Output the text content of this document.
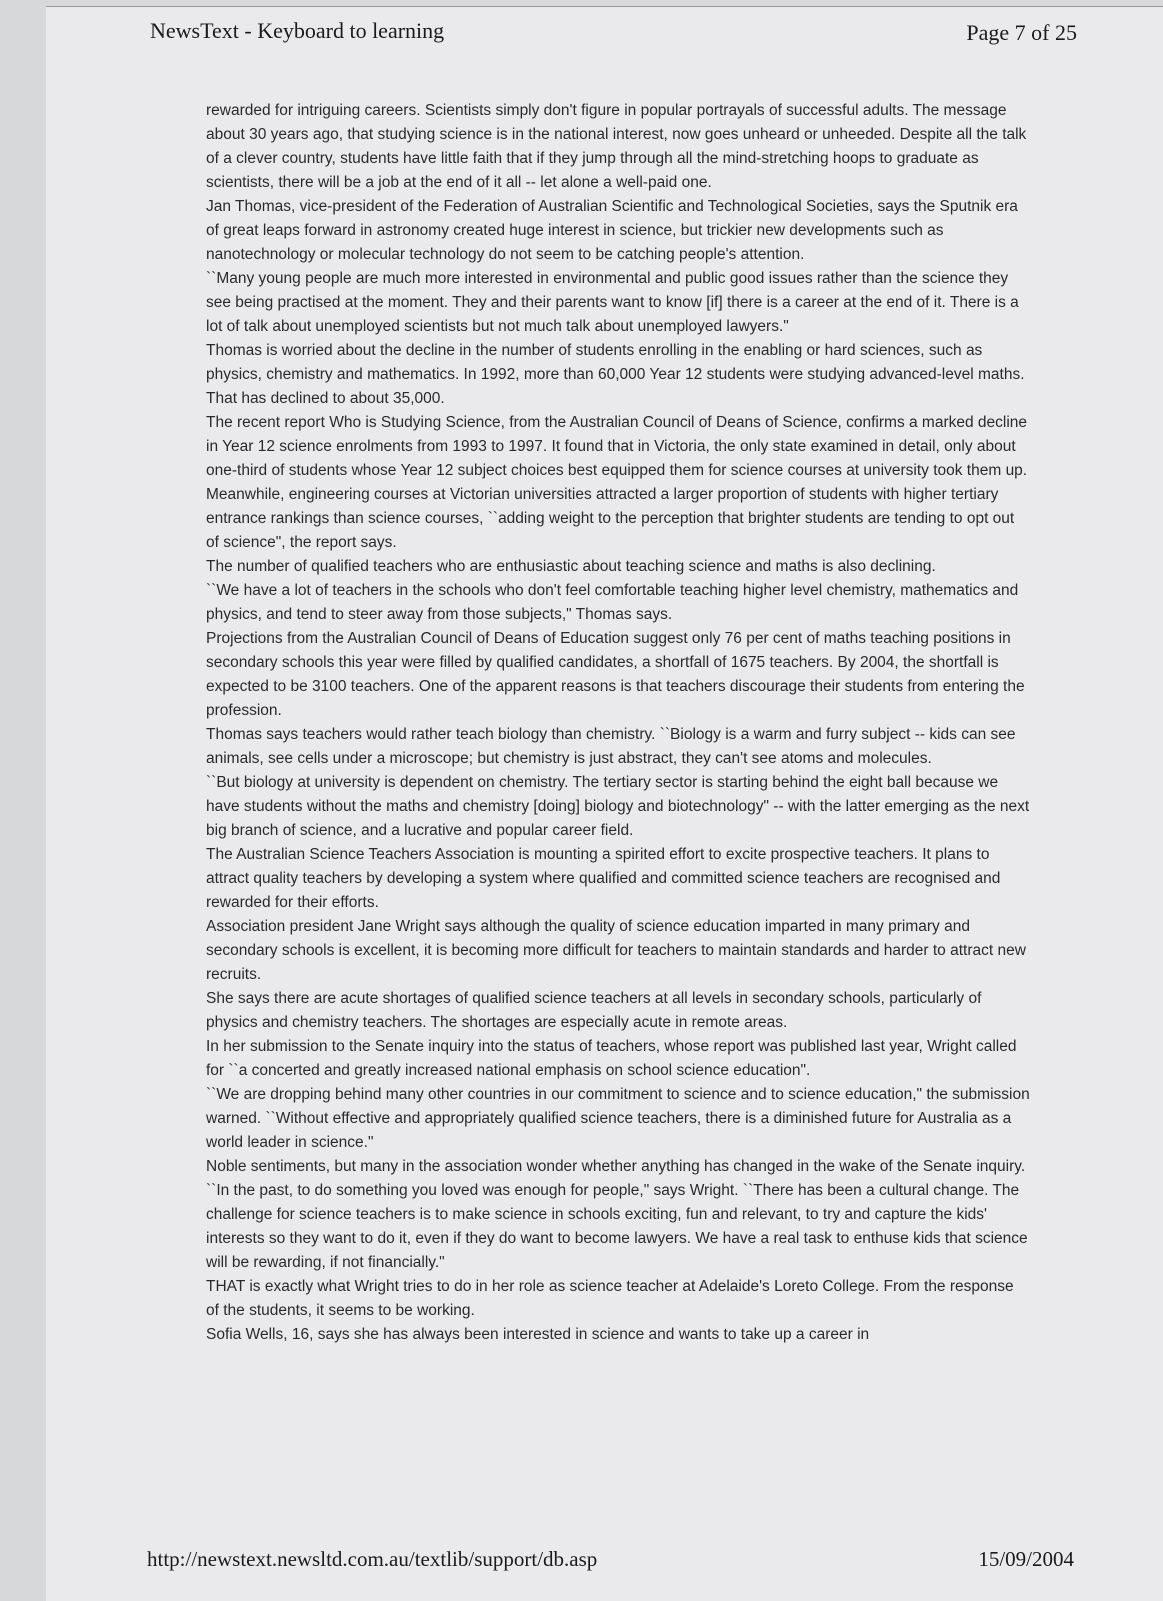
NewsText - Keyboard to learning	Page 7 of 25

rewarded for intriguing careers. Scientists simply don't figure in popular portrayals of successful adults. The message about 30 years ago, that studying science is in the national interest, now goes unheard or unheeded. Despite all the talk of a clever country, students have little faith that if they jump through all the mind-stretching hoops to graduate as scientists, there will be a job at the end of it all -- let alone a well-paid one.

Jan Thomas, vice-president of the Federation of Australian Scientific and Technological Societies, says the Sputnik era of great leaps forward in astronomy created huge interest in science, but trickier new developments such as nanotechnology or molecular technology do not seem to be catching people's attention.

``Many young people are much more interested in environmental and public good issues rather than the science they see being practised at the moment. They and their parents want to know [if] there is a career at the end of it. There is a lot of talk about unemployed scientists but not much talk about unemployed lawyers."

Thomas is worried about the decline in the number of students enrolling in the enabling or hard sciences, such as physics, chemistry and mathematics. In 1992, more than 60,000 Year 12 students were studying advanced-level maths. That has declined to about 35,000.

The recent report Who is Studying Science, from the Australian Council of Deans of Science, confirms a marked decline in Year 12 science enrolments from 1993 to 1997. It found that in Victoria, the only state examined in detail, only about one-third of students whose Year 12 subject choices best equipped them for science courses at university took them up. Meanwhile, engineering courses at Victorian universities attracted a larger proportion of students with higher tertiary entrance rankings than science courses, ``adding weight to the perception that brighter students are tending to opt out of science", the report says.

The number of qualified teachers who are enthusiastic about teaching science and maths is also declining.

``We have a lot of teachers in the schools who don't feel comfortable teaching higher level chemistry, mathematics and physics, and tend to steer away from those subjects," Thomas says.

Projections from the Australian Council of Deans of Education suggest only 76 per cent of maths teaching positions in secondary schools this year were filled by qualified candidates, a shortfall of 1675 teachers. By 2004, the shortfall is expected to be 3100 teachers. One of the apparent reasons is that teachers discourage their students from entering the profession.

Thomas says teachers would rather teach biology than chemistry. ``Biology is a warm and furry subject -- kids can see animals, see cells under a microscope; but chemistry is just abstract, they can't see atoms and molecules.

``But biology at university is dependent on chemistry. The tertiary sector is starting behind the eight ball because we have students without the maths and chemistry [doing] biology and biotechnology" -- with the latter emerging as the next big branch of science, and a lucrative and popular career field.

The Australian Science Teachers Association is mounting a spirited effort to excite prospective teachers. It plans to attract quality teachers by developing a system where qualified and committed science teachers are recognised and rewarded for their efforts.

Association president Jane Wright says although the quality of science education imparted in many primary and secondary schools is excellent, it is becoming more difficult for teachers to maintain standards and harder to attract new recruits.

She says there are acute shortages of qualified science teachers at all levels in secondary schools, particularly of physics and chemistry teachers. The shortages are especially acute in remote areas.

In her submission to the Senate inquiry into the status of teachers, whose report was published last year, Wright called for ``a concerted and greatly increased national emphasis on school science education".

``We are dropping behind many other countries in our commitment to science and to science education," the submission warned. ``Without effective and appropriately qualified science teachers, there is a diminished future for Australia as a world leader in science."

Noble sentiments, but many in the association wonder whether anything has changed in the wake of the Senate inquiry.

``In the past, to do something you loved was enough for people," says Wright. ``There has been a cultural change. The challenge for science teachers is to make science in schools exciting, fun and relevant, to try and capture the kids' interests so they want to do it, even if they do want to become lawyers. We have a real task to enthuse kids that science will be rewarding, if not financially."

THAT is exactly what Wright tries to do in her role as science teacher at Adelaide's Loreto College. From the response of the students, it seems to be working.

Sofia Wells, 16, says she has always been interested in science and wants to take up a career in

http://newstext.newsltd.com.au/textlib/support/db.asp	15/09/2004
